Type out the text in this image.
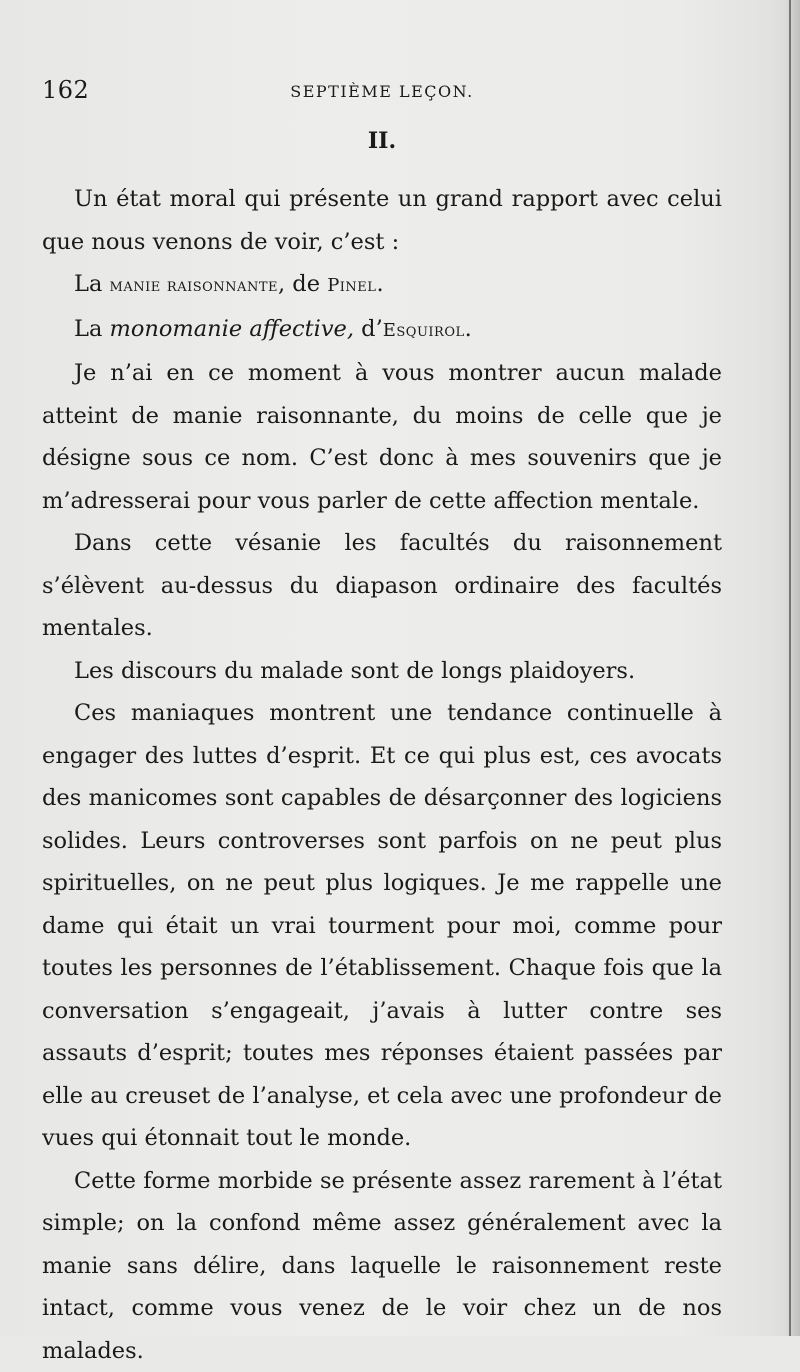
162	SEPTIÈME LEÇON.
II.

Un état moral qui présente un grand rapport avec celui que nous venons de voir, c’est :

La manie raisonnante, de Pinel.

La monomanie affective, d’Esquirol.

Je n’ai en ce moment à vous montrer aucun malade atteint de manie raisonnante, du moins de celle que je désigne sous ce nom. C’est donc à mes souvenirs que je m’adresserai pour vous parler de cette affection mentale.

Dans cette vésanie les facultés du raisonnement s’élèvent au-dessus du diapason ordinaire des facultés mentales.

Les discours du malade sont de longs plaidoyers.

Ces maniaques montrent une tendance continuelle à engager des luttes d’esprit. Et ce qui plus est, ces avocats des manicomes sont capables de désarçonner des logiciens solides. Leurs controverses sont parfois on ne peut plus spirituelles, on ne peut plus logiques. Je me rappelle une dame qui était un vrai tourment pour moi, comme pour toutes les personnes de l’établissement. Chaque fois que la conversation s’engageait, j’avais à lutter contre ses assauts d’esprit; toutes mes réponses étaient passées par elle au creuset de l’analyse, et cela avec une profondeur de vues qui étonnait tout le monde.

Cette forme morbide se présente assez rarement à l’état simple; on la confond même assez généralement avec la manie sans délire, dans laquelle le raisonnement reste intact, comme vous venez de le voir chez un de nos malades.
